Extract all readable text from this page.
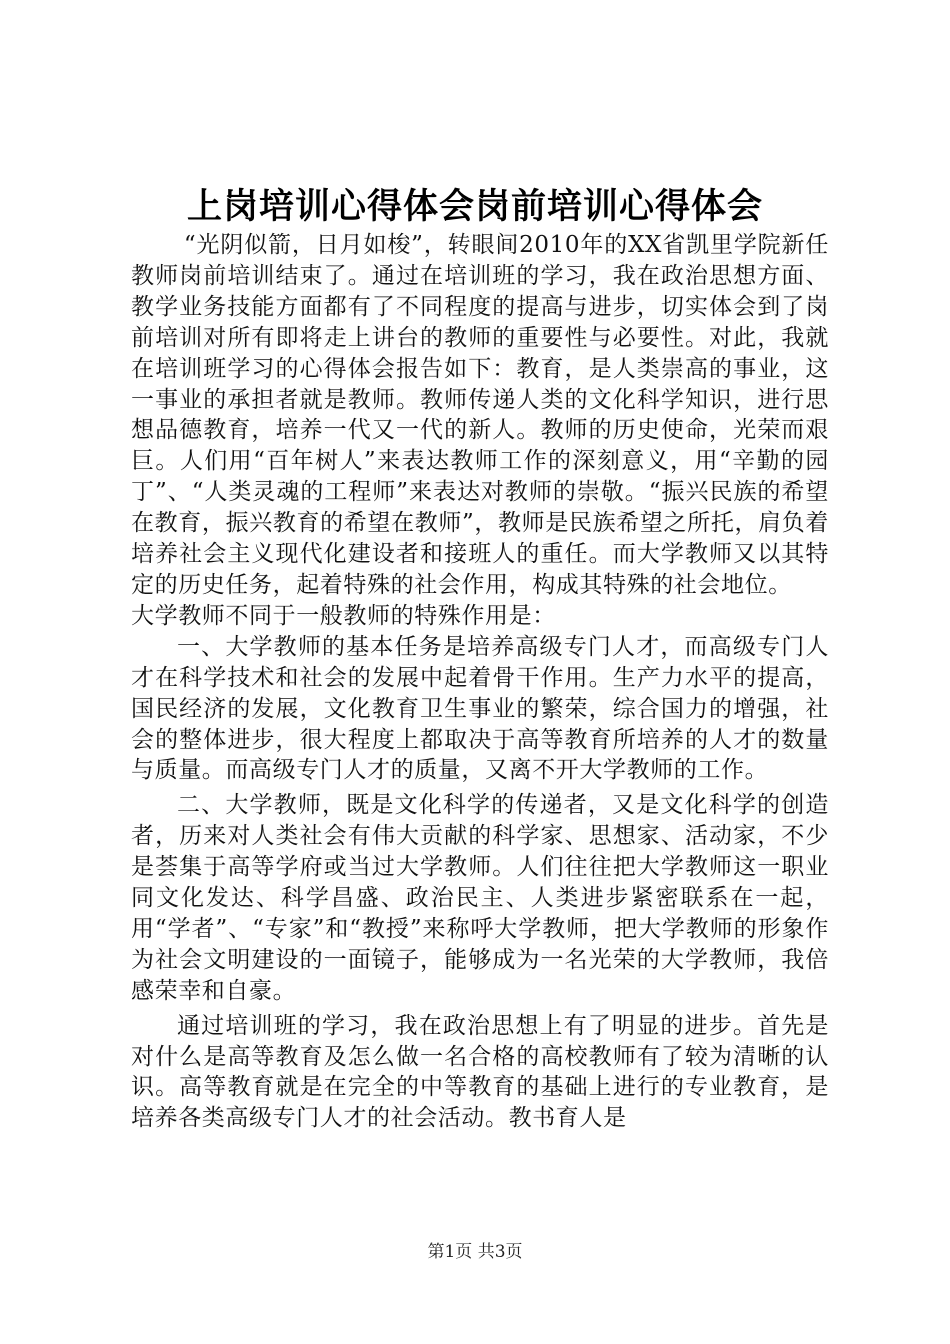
上岗培训心得体会岗前培训心得体会

“光阴似箭，日月如梭”，转眼间2010年的XX省凯里学院新任教师岗前培训结束了。通过在培训班的学习，我在政治思想方面、教学业务技能方面都有了不同程度的提高与进步，切实体会到了岗前培训对所有即将走上讲台的教师的重要性与必要性。对此，我就在培训班学习的心得体会报告如下：教育，是人类崇高的事业，这一事业的承担者就是教师。教师传递人类的文化科学知识，进行思想品德教育，培养一代又一代的新人。教师的历史使命，光荣而艰巨。人们用“百年树人”来表达教师工作的深刻意义，用“辛勤的园丁”、“人类灵魂的工程师”来表达对教师的崇敬。“振兴民族的希望在教育，振兴教育的希望在教师”，教师是民族希望之所托，肩负着培养社会主义现代化建设者和接班人的重任。而大学教师又以其特定的历史任务，起着特殊的社会作用，构成其特殊的社会地位。

大学教师不同于一般教师的特殊作用是：

一、大学教师的基本任务是培养高级专门人才，而高级专门人才在科学技术和社会的发展中起着骨干作用。生产力水平的提高，国民经济的发展，文化教育卫生事业的繁荣，综合国力的增强，社会的整体进步，很大程度上都取决于高等教育所培养的人才的数量与质量。而高级专门人才的质量，又离不开大学教师的工作。

二、大学教师，既是文化科学的传递者，又是文化科学的创造者，历来对人类社会有伟大贡献的科学家、思想家、活动家，不少是荟集于高等学府或当过大学教师。人们往往把大学教师这一职业同文化发达、科学昌盛、政治民主、人类进步紧密联系在一起，用“学者”、“专家”和“教授”来称呼大学教师，把大学教师的形象作为社会文明建设的一面镜子，能够成为一名光荣的大学教师，我倍感荣幸和自豪。

通过培训班的学习，我在政治思想上有了明显的进步。首先是对什么是高等教育及怎么做一名合格的高校教师有了较为清晰的认识。高等教育就是在完全的中等教育的基础上进行的专业教育，是培养各类高级专门人才的社会活动。教书育人是

第1页 共3页
